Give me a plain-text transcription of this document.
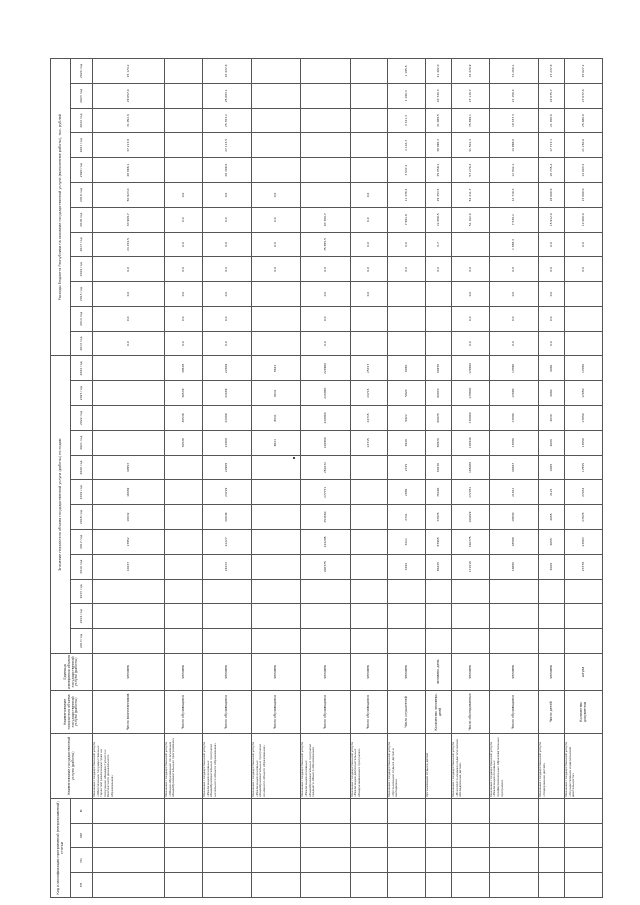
Код классификации программной (непрограммной) статьи				Наименование государственной услуги (работы)	Наименование показателя объема государственной услуги (работы)	Единица измерения объема государственной услуги (работы)	Значение показателя объема государственной услуги (работы) по годам												Расходы бюджета Республики на оказание государственной услуги (выполнение работы), тыс. рублей											
ГП	Пп	ОМ	М				2013 год	2014 год	2015 год	2016 год	2017 год	2018 год	2019 год	2020 год	2021 год	2022 год	2023 год	2024 год	2013 год	2014 год	2015 год	2016 год	2017 год	2018 год	2019 год	2020 год	2021 год	2022 год	2023 год	2024 год
				Оказание государственной услуги «Обеспечение государственных гарантий реализации прав на получение общедоступного и бесплатного дошкольного образования»	Число воспитанников	человек				10437	17952	16632	18469	40553					0,0	0,0	0,0	0,0	24 254,5	63 969,7	50 923,0	48 988,1	37 217,8	31 052,6	29 057,0	25 174,2
				Оказание государственной услуги «Общее образование по основным общеобразовательным программам»	Число обучающихся	человек									30538	30538	30538	30538	0,0	0,0	0,0	0,0	0,0	0,0	0,0					
				Оказание государственной услуги «Реализация основных общеобразовательных программ начального общего образования»	Число обучающихся	человек				24433	22227	20648	24729	22969	22669	22669	22669	22669	0,0	0,0	0,0	0,0	0,0	0,0	0,0	28 309,6	27 113,5	25 763,2	25 083,1	26 437,6
				Оказание государственной услуги «Реализация основных общеобразовательных программ основного общего образования»	Число обучающихся	человек									8641	8641	8641	8642				0,0	0,0	0,0	0,0					
				Оказание государственной услуги «Реализация основных общеобразовательных программ среднего общего образования»	Число обучающихся	человек				200775	224295	253660	277771	250272	226960	226960	226960	226960	0,0	0,0	0,0	0,0	75 855,5	83 706,7						
				Оказание государственной услуги «Реализация дополнительных общеразвивающих программ»	Число обучающихся	человек									24715	24715	24715	25727			0,0	0,0	0,0	0,0	0,0					
				Оказание государственной услуги «Организация отдыха детей и молодежи»	Число слушателей	человек				3294	3421	2741	2865	2725	4946	5922	5920	6050				0,0	0,0	7 982,8	11 378,4	3 547,2	2 116,7	3 321,3	1 196,3	1 195,5
				Организация отдыха детей	Количество человеко-дней	человеко-день				86445	87965	73976	76400	60470	60970	60970	60970	60970				0,0	6,7	22 658,5	29 353,5	39 058,2	38 096,3	31 089,5	40 746,3	41 492,0
				Оказание государственной услуги «Психолого-медико-педагогическое обследование детей»	Число обследованных	человек				171516	160775	160929	172781	165089	170946	170960	179600	179660	0,0	0,0	0,0	0,0		51 162,6	54 411,7	57 276,4	41 501,3	35 699,1	27 116,7	34 470,9
				Оказание государственной услуги «Реализация основных профессиональных образовательных программ»	Число обучающихся	человек				16896	18588	19830	21641	44687	17090	17090	17090	17090	0,0	0,0	0,0	0,0	1 658,4	7 636,2	12 710,3	12 942,1	14 998,0	19 337,3	21 150,4	31 260,1
				Оказание государственной услуги «Содержание детей»	Число детей	человек				4069	4065	4065	4123	4065	4066	4030	4060	4060	0,0	0,0	0,0	0,0	0,0	15 912,0	18 000,6	16 735,4	17 717,1	21 700,0	24 075,7	27 237,6
				Оказание государственной услуги «Осуществление издательской деятельности»	Количество документов	штука				23779	23683	27876	27034	17555	17050	17050	17050	17050				0,0	0,0	12 000,0	13 000,0	14 003,2	21 150,0	25 680,0	27 077,0	25 027,2
